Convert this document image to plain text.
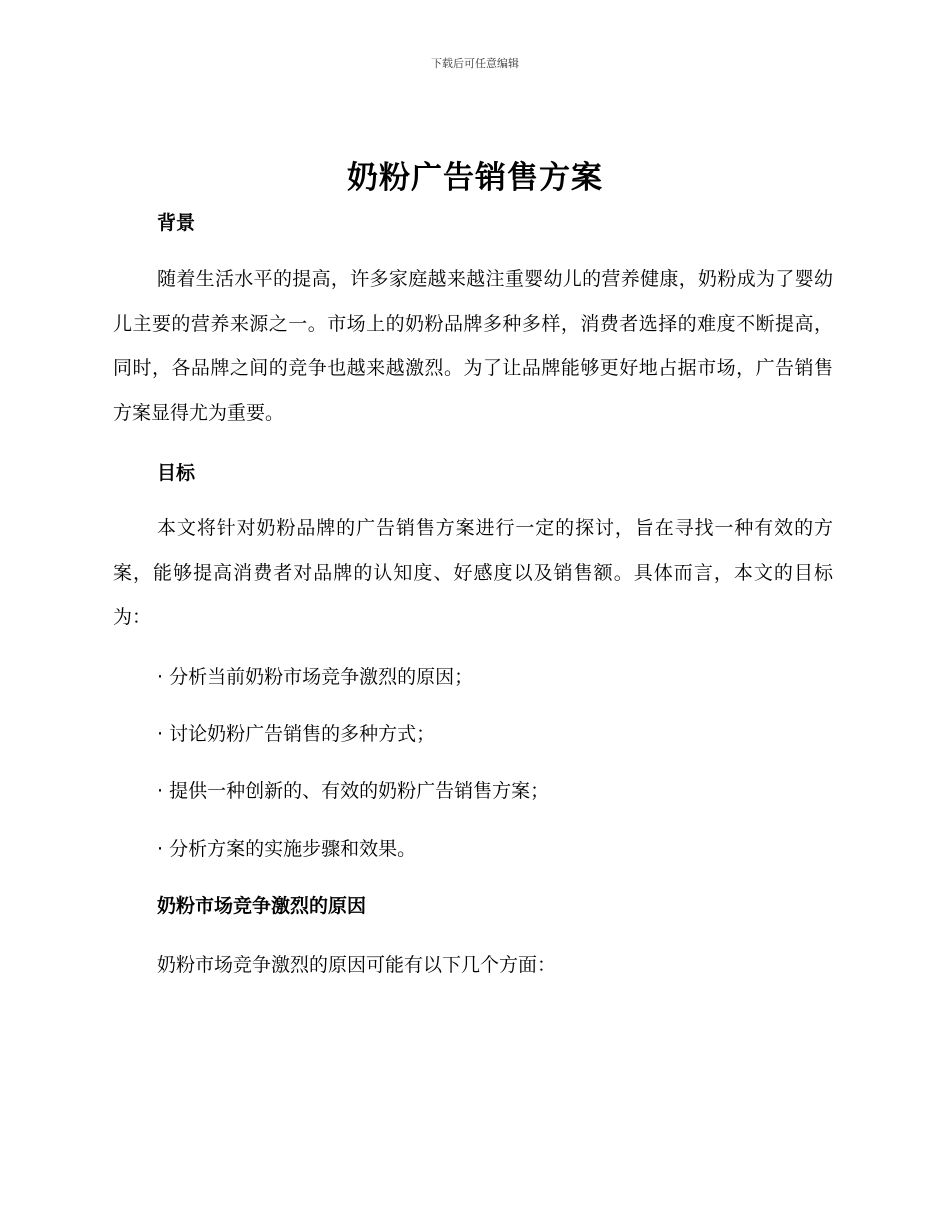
下载后可任意编辑
奶粉广告销售方案
背景

随着生活水平的提高，许多家庭越来越注重婴幼儿的营养健康，奶粉成为了婴幼儿主要的营养来源之一。市场上的奶粉品牌多种多样，消费者选择的难度不断提高，同时，各品牌之间的竞争也越来越激烈。为了让品牌能够更好地占据市场，广告销售方案显得尤为重要。

目标

本文将针对奶粉品牌的广告销售方案进行一定的探讨，旨在寻找一种有效的方案，能够提高消费者对品牌的认知度、好感度以及销售额。具体而言，本文的目标为：

· 分析当前奶粉市场竞争激烈的原因；
· 讨论奶粉广告销售的多种方式；
· 提供一种创新的、有效的奶粉广告销售方案；
· 分析方案的实施步骤和效果。
奶粉市场竞争激烈的原因
奶粉市场竞争激烈的原因可能有以下几个方面：
